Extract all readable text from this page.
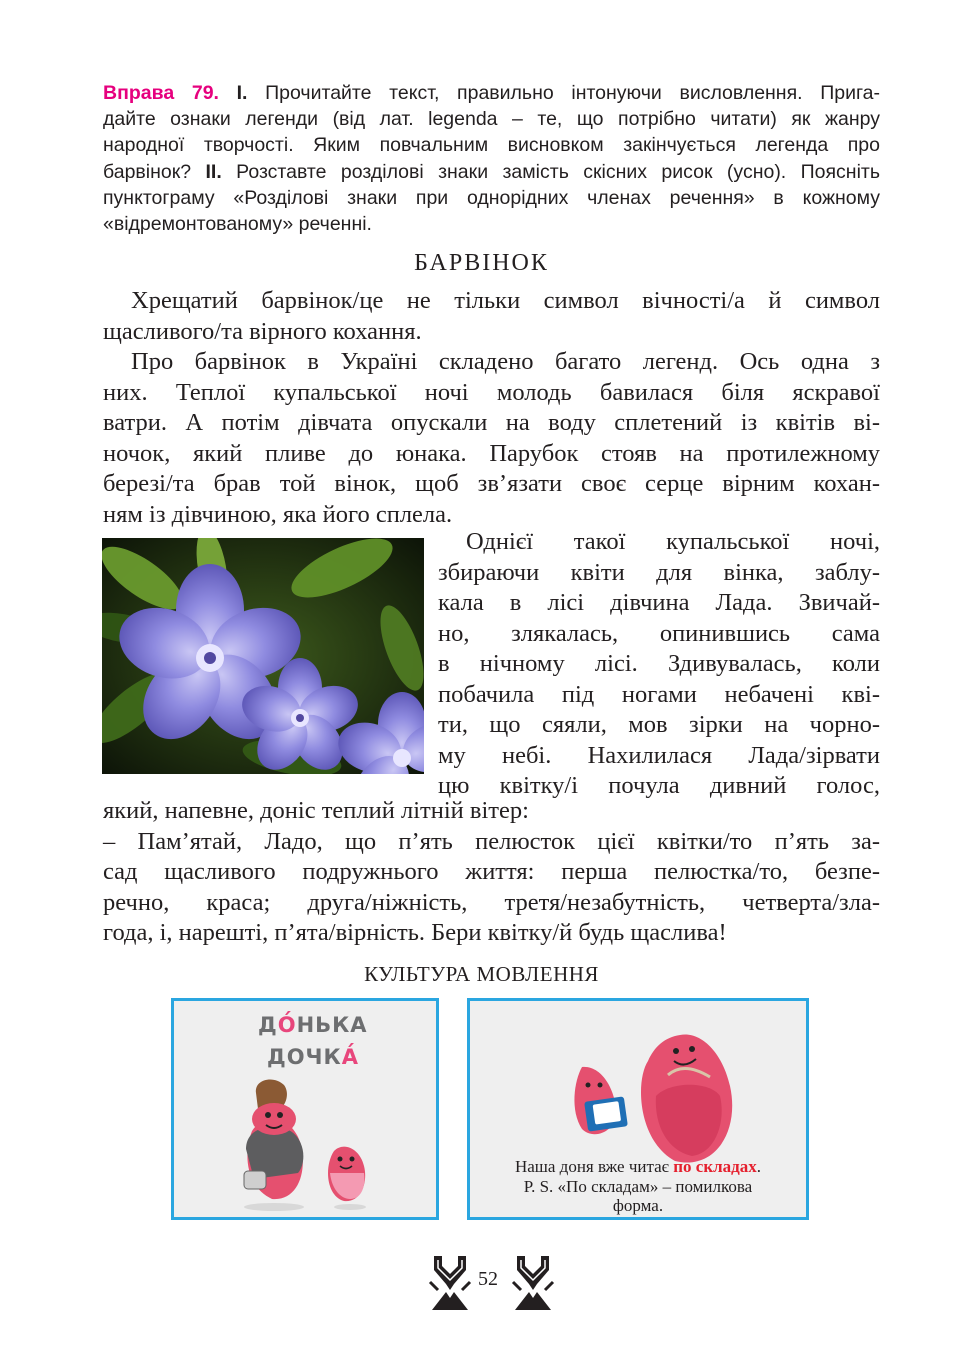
Вправа 79. I. Прочитайте текст, правильно інтонуючи висловлення. Прига-
дайте ознаки легенди (від лат. legenda – те, що потрібно читати) як жанру
народної творчості. Яким повчальним висновком закінчується легенда про
барвінок? II. Розставте розділові знаки замість скісних рисок (усно). Поясніть
пунктограму «Розділові знаки при однорідних членах речення» в кожному
«відремонтованому» реченні.
БАРВІНОК
Хрещатий барвінок/це не тільки символ вічності/а й символ
щасливого/та вірного кохання.
Про барвінок в Україні складено багато легенд. Ось одна з
них. Теплої купальської ночі молодь бавилася біля яскравої
ватри. А потім дівчата опускали на воду сплетений із квітів ві-
ночок, який пливе до юнака. Парубок стояв на протилежному
березі/та брав той вінок, щоб зв’язати своє серце вірним кохан-
ням із дівчиною, яка його сплела.
Однієї такої купальської ночі,
збираючи квіти для вінка, заблу-
кала в лісі дівчина Лада. Звичай-
но, злякалась, опинившись сама
в нічному лісі. Здивувалась, коли
побачила під ногами небачені кві-
ти, що сяяли, мов зірки на чорно-
му небі. Нахилилася Лада/зірвати
цю квітку/і почула дивний голос,
який, напевне, доніс теплий літній вітер:
– Пам’ятай, Ладо, що п’ять пелюсток цієї квітки/то п’ять за-
сад щасливого подружнього життя: перша пелюстка/то, безпе-
речно, краса; друга/ніжність, третя/незабутність, четверта/зла-
года, і, нарешті, п’ята/вірність. Бери квітку/й будь щаслива!
КУЛЬТУРА МОВЛЕННЯ
ДО́НЬКА
ДОЧКА́
Наша доня вже читає по складах.
Р. S. «По складам» – помилкова
форма.
52
